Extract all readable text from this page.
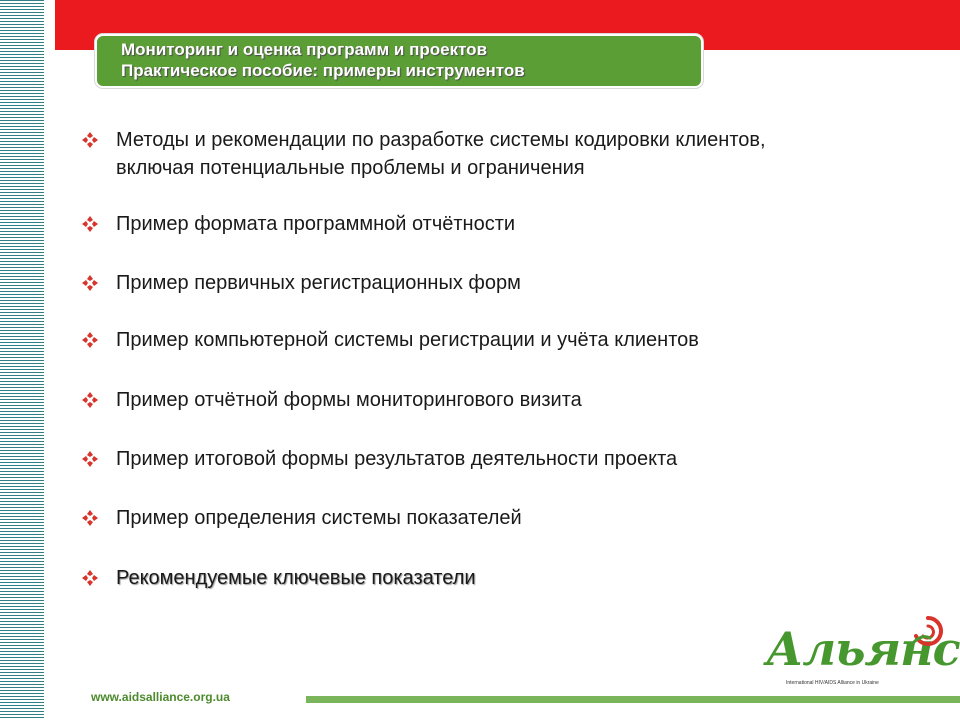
Мониторинг и оценка программ и проектов
Практическое пособие: примеры инструментов
Методы и рекомендации по разработке системы кодировки клиентов,
включая потенциальные проблемы и ограничения
Пример формата программной отчётности
Пример первичных регистрационных форм
Пример компьютерной системы регистрации и учёта клиентов
Пример отчётной формы мониторингового визита
Пример итоговой формы результатов деятельности проекта
Пример определения системы показателей
Рекомендуемые ключевые показатели
Альянс
International HIV/AIDS Alliance in Ukraine
www.aidsalliance.org.ua
